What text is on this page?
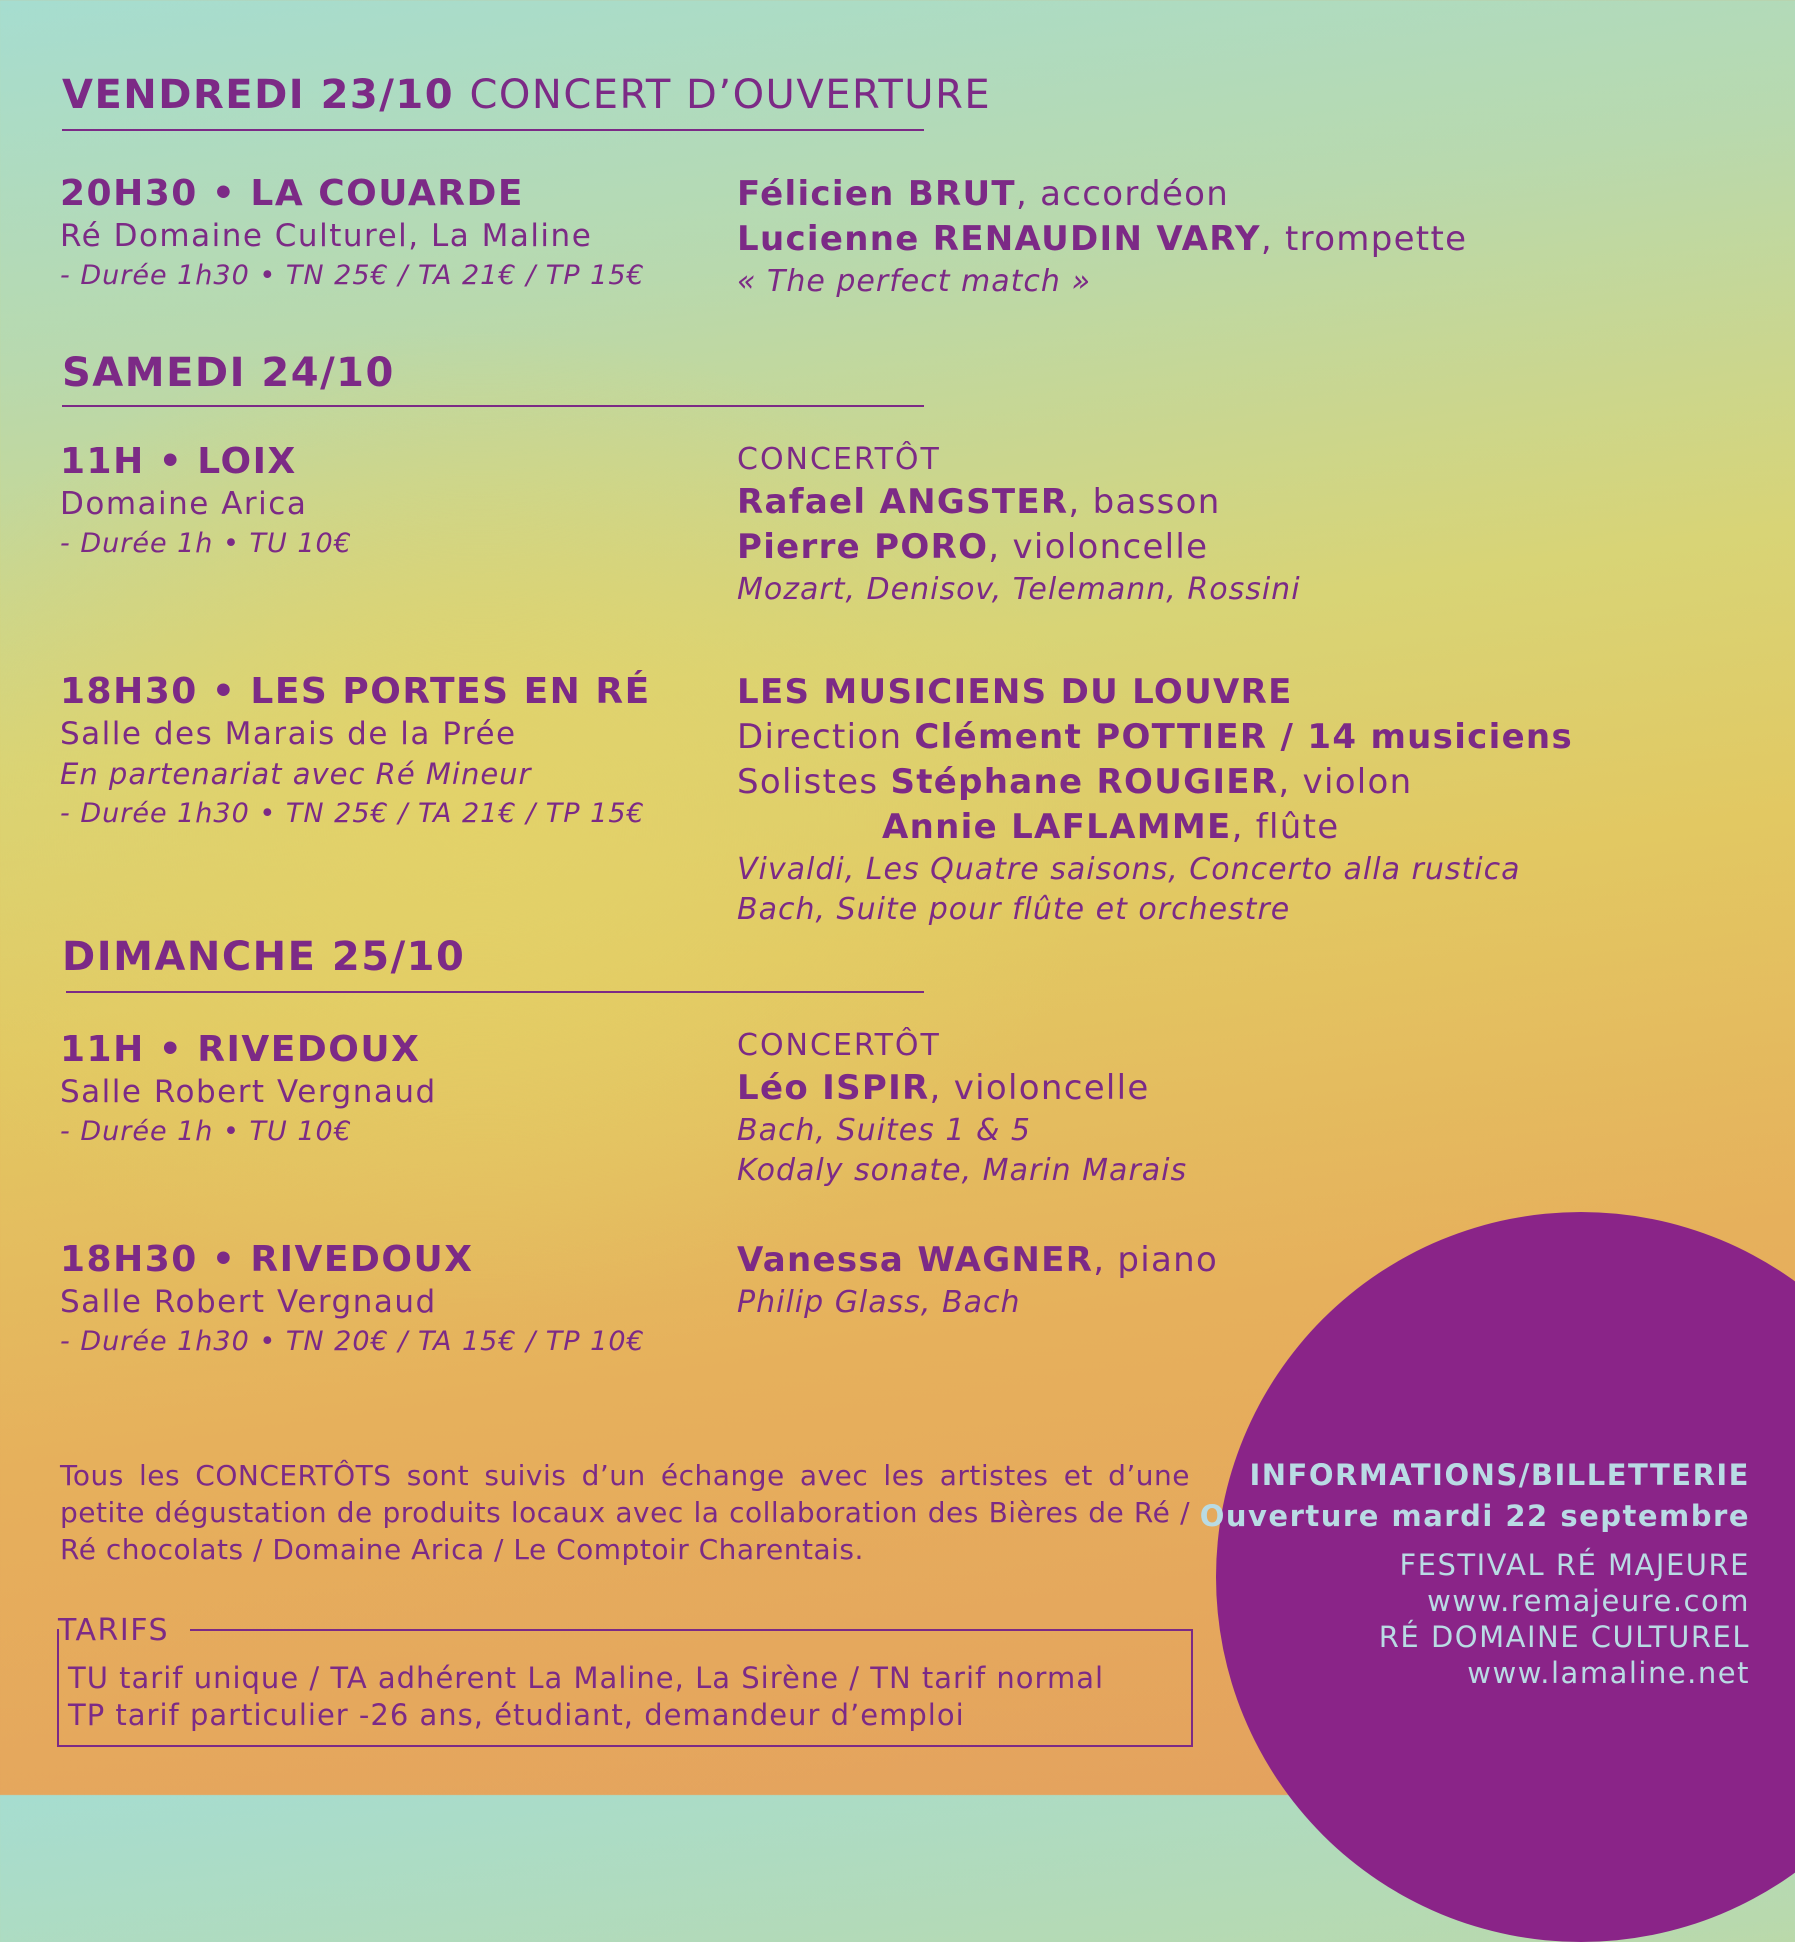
VENDREDI 23/10 CONCERT D’OUVERTURE
20H30 • LA COUARDE
Ré Domaine Culturel, La Maline
- Durée 1h30 • TN 25€ / TA 21€ / TP 15€
Félicien BRUT, accordéon
Lucienne RENAUDIN VARY, trompette
« The perfect match »
SAMEDI 24/10
11H • LOIX
Domaine Arica
- Durée 1h • TU 10€
CONCERTÔT
Rafael ANGSTER, basson
Pierre PORO, violoncelle
Mozart, Denisov, Telemann, Rossini
18H30 • LES PORTES EN RÉ
Salle des Marais de la Prée
En partenariat avec Ré Mineur
- Durée 1h30 • TN 25€ / TA 21€ / TP 15€
LES MUSICIENS DU LOUVRE
Direction Clément POTTIER / 14 musiciens
Solistes Stéphane ROUGIER, violon
Annie LAFLAMME, flûte
Vivaldi, Les Quatre saisons, Concerto alla rustica
Bach, Suite pour flûte et orchestre
DIMANCHE 25/10
11H • RIVEDOUX
Salle Robert Vergnaud
- Durée 1h • TU 10€
CONCERTÔT
Léo ISPIR, violoncelle
Bach, Suites 1 & 5
Kodaly sonate, Marin Marais
18H30 • RIVEDOUX
Salle Robert Vergnaud
- Durée 1h30 • TN 20€ / TA 15€ / TP 10€
Vanessa WAGNER, piano
Philip Glass, Bach
Tous les CONCERTÔTS sont suivis d’un échange avec les artistes et d’une petite dégustation de produits locaux avec la collaboration des Bières de Ré / Ré chocolats / Domaine Arica / Le Comptoir Charentais.
TARIFS
TU tarif unique / TA adhérent La Maline, La Sirène / TN tarif normal
TP tarif particulier -26 ans, étudiant, demandeur d’emploi
INFORMATIONS/BILLETTERIE
Ouverture mardi 22 septembre
FESTIVAL RÉ MAJEURE
www.remajeure.com
RÉ DOMAINE CULTUREL
www.lamaline.net
